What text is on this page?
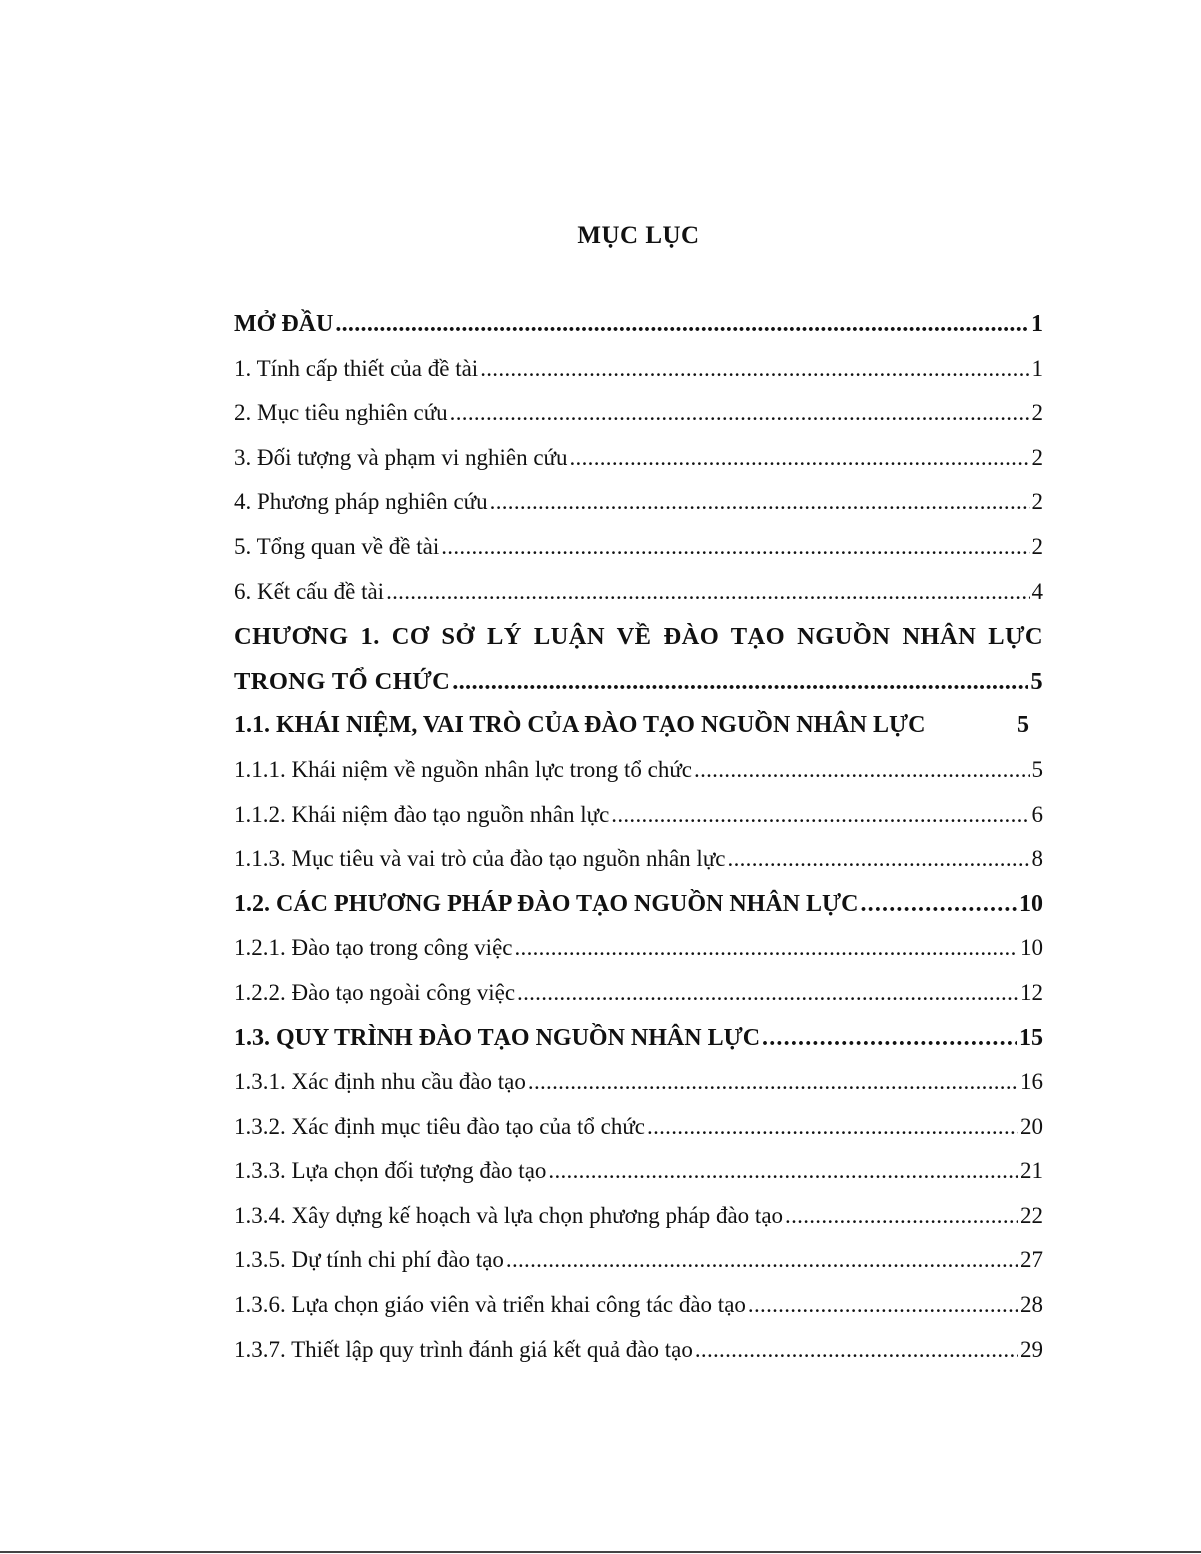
MỤC LỤC
MỞ ĐẦU .....	1
1. Tính cấp thiết của đề tài .....	1
2. Mục tiêu nghiên cứu .....	2
3. Đối tượng và phạm vi nghiên cứu .....	2
4. Phương pháp nghiên cứu .....	2
5. Tổng quan về đề tài .....	2
6. Kết cấu đề tài .....	4
CHƯƠNG 1. CƠ SỞ LÝ LUẬN VỀ ĐÀO TẠO NGUỒN NHÂN LỰC
TRONG TỔ CHỨC .....	5
1.1. KHÁI NIỆM, VAI TRÒ CỦA ĐÀO TẠO NGUỒN NHÂN LỰC	5
1.1.1. Khái niệm về nguồn nhân lực trong tổ chức .....	5
1.1.2. Khái niệm đào tạo nguồn nhân lực .....	6
1.1.3. Mục tiêu và vai trò của đào tạo nguồn nhân lực .....	8
1.2. CÁC PHƯƠNG PHÁP ĐÀO TẠO NGUỒN NHÂN LỰC .....	10
1.2.1. Đào tạo trong công việc .....	10
1.2.2. Đào tạo ngoài công việc .....	12
1.3. QUY TRÌNH ĐÀO TẠO NGUỒN NHÂN LỰC .....	15
1.3.1. Xác định nhu cầu đào tạo .....	16
1.3.2. Xác định mục tiêu đào tạo của tổ chức .....	20
1.3.3. Lựa chọn đối tượng đào tạo .....	21
1.3.4. Xây dựng kế hoạch và lựa chọn phương pháp đào tạo .....	22
1.3.5. Dự tính chi phí đào tạo .....	27
1.3.6. Lựa chọn giáo viên và triển khai công tác đào tạo .....	28
1.3.7. Thiết lập quy trình đánh giá kết quả đào tạo .....	29
